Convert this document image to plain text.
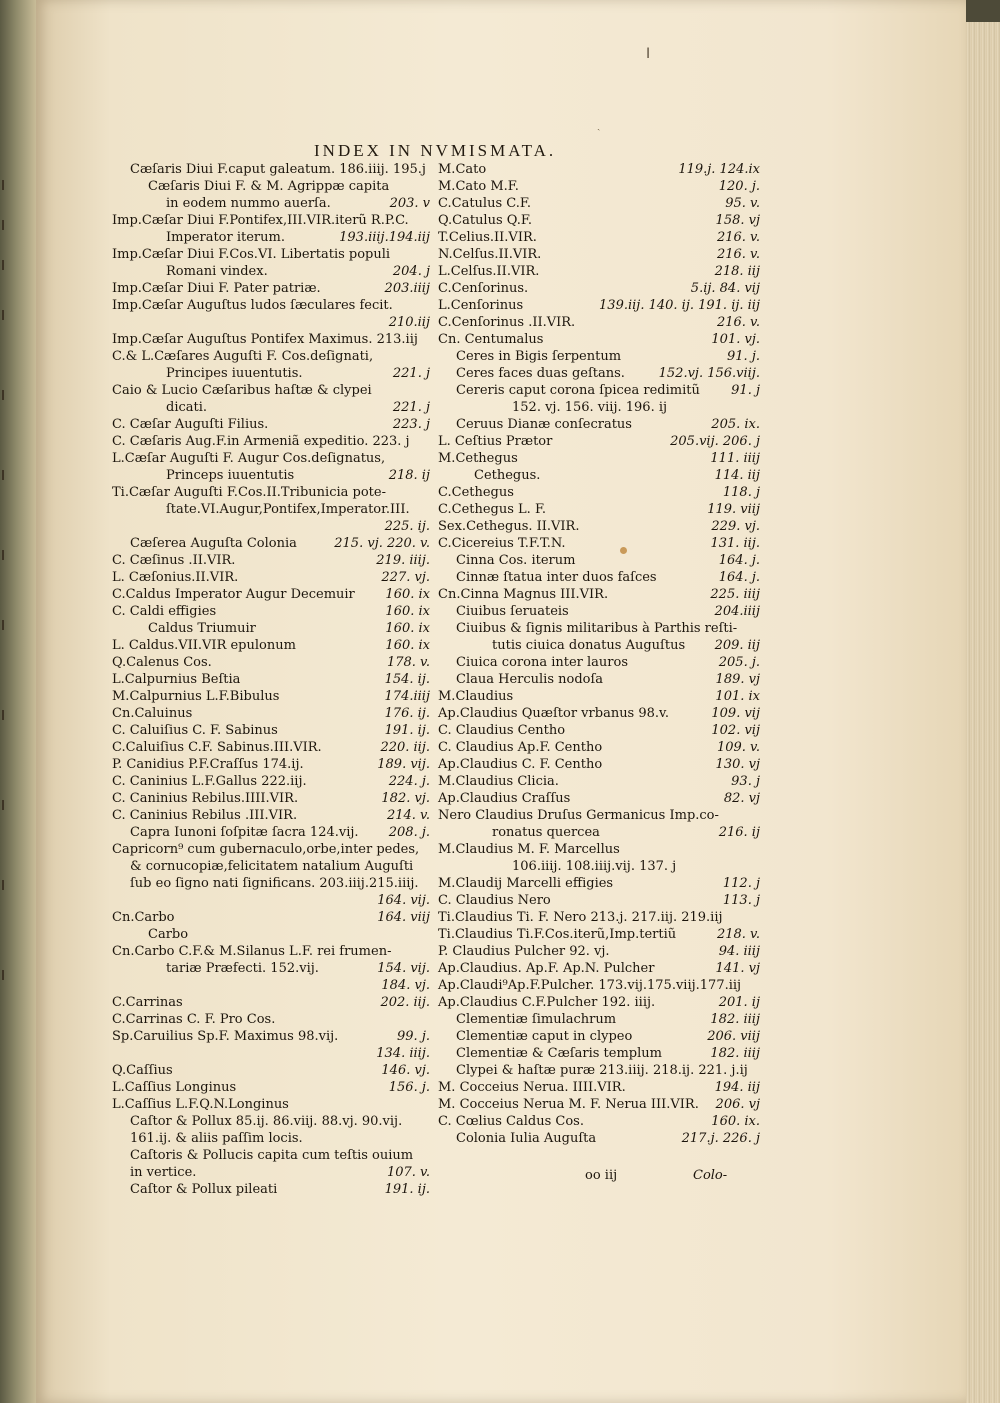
ǀ
ˎ
INDEX IN NVMISMATA.
Cæſaris Diui F.caput galeatum. 186.iiij. 195.j
Cæſaris Diui F. & M. Agrippæ capita
in eodem nummo auerſa.	203. v
Imp.Cæſar Diui F.Pontifex,III.VIR.iterũ R.P.C.
Imperator iterum.	193.iiij.194.iij
Imp.Cæſar Diui F.Cos.VI. Libertatis populi
Romani vindex.	204. j
Imp.Cæſar Diui F. Pater patriæ.	203.iiij
Imp.Cæſar Auguſtus ludos ſæculares fecit.
210.iij
Imp.Cæſar Auguſtus Pontifex Maximus. 213.iij
C.& L.Cæſares Auguſti F. Cos.deſignati,
Principes iuuentutis.	221. j
Caio & Lucio Cæſaribus haſtæ & clypei
dicati.	221. j
C. Cæſar Auguſti Filius.	223. j
C. Cæſaris Aug.F.in Armeniã expeditio. 223. j
L.Cæſar Auguſti F. Augur Cos.deſignatus,
Princeps iuuentutis	218. ij
Ti.Cæſar Auguſti F.Cos.II.Tribunicia pote-
ſtate.VI.Augur,Pontifex,Imperator.III.
225. ij.
Cæſerea Auguſta Colonia	215. vj. 220. v.
C. Cæſinus .II.VIR.	219. iiij.
L. Cæſonius.II.VIR.	227. vj.
C.Caldus Imperator Augur Decemuir 160. ix
C. Caldi effigies	160. ix
Caldus Triumuir	160. ix
L. Caldus.VII.VIR epulonum	160. ix
Q.Calenus Cos.	178. v.
L.Calpurnius Beſtia	154. ij.
M.Calpurnius L.F.Bibulus	174.iiij
Cn.Caluinus	176. ij.
C. Caluiſius C. F. Sabinus	191. ij.
C.Caluiſius C.F. Sabinus.III.VIR.	220. iij.
P. Canidius P.F.Craſſus 174.ij.	189. vij.
C. Caninius L.F.Gallus 222.iij.	224. j.
C. Caninius Rebilus.IIII.VIR.	182. vj.
C. Caninius Rebilus .III.VIR.	214. v.
Capra Iunoni ſoſpitæ ſacra 124.vij. 208. j.
Capricorn⁹ cum gubernaculo,orbe,inter pedes,
& cornucopiæ,felicitatem natalium Auguſti
ſub eo ſigno nati ſignificans. 203.iiij.215.iiij.
164. vij.
Cn.Carbo	164. viij
Carbo
Cn.Carbo C.F.& M.Silanus L.F. rei frumen-
tariæ Præfecti. 152.vij.	154. vij.
184. vj.
C.Carrinas	202. iij.
C.Carrinas C. F. Pro Cos.
Sp.Caruilius Sp.F. Maximus 98.vij.	99. j.
134. iiij.
Q.Caſſius	146. vj.
L.Caſſius Longinus	156. j.
L.Caſſius L.F.Q.N.Longinus
Caſtor & Pollux 85.ij. 86.viij. 88.vj. 90.vij.
161.ij. & aliis paſſim locis.
Caſtoris & Pollucis capita cum teſtis ouium
in vertice.	107. v.
Caſtor & Pollux pileati	191. ij.
M.Cato	119.j. 124.ix
M.Cato M.F.	120. j.
C.Catulus C.F.	95. v.
Q.Catulus Q.F.	158. vj
T.Celius.II.VIR.	216. v.
N.Celſus.II.VIR.	216. v.
L.Celſus.II.VIR.	218. iij
C.Cenſorinus.	5.ij. 84. vij
L.Cenſorinus	139.iij. 140. ij. 191. ij. iij
C.Cenſorinus .II.VIR.	216. v.
Cn. Centumalus	101. vj.
Ceres in Bigis ſerpentum	91. j.
Ceres faces duas geſtans.	152.vj. 156.viij.
Cereris caput corona ſpicea redimitũ 91. j
152. vj. 156. viij. 196. ij
Ceruus Dianæ conſecratus	205. ix.
L. Ceſtius Prætor	205.vij. 206. j
M.Cethegus	111. iiij
Cethegus.	114. iij
C.Cethegus	118. j
C.Cethegus L. F.	119. viij
Sex.Cethegus. II.VIR.	229. vj.
C.Cicereius T.F.T.N.	131. iij.
Cinna Cos. iterum	164. j.
Cinnæ ſtatua inter duos faſces	164. j.
Cn.Cinna Magnus III.VIR.	225. iiij
Ciuibus ſeruateis	204.iiij
Ciuibus & ſignis militaribus à Parthis reſti-
tutis ciuica donatus Auguſtus 209. iij
Ciuica corona inter lauros	205. j.
Claua Herculis nodoſa	189. vj
M.Claudius	101. ix
Ap.Claudius Quæſtor vrbanus 98.v.	109. vij
C. Claudius Centho	102. vij
C. Claudius Ap.F. Centho	109. v.
Ap.Claudius C. F. Centho	130. vj
M.Claudius Clicia.	93. j
Ap.Claudius Craſſus	82. vj
Nero Claudius Druſus Germanicus Imp.co-
ronatus quercea	216. ij
M.Claudius M. F. Marcellus
106.iiij. 108.iiij.vij. 137. j
M.Claudij Marcelli effigies	112. j
C. Claudius Nero	113. j
Ti.Claudius Ti. F. Nero 213.j. 217.iij. 219.iij
Ti.Claudius Ti.F.Cos.iterũ,Imp.tertiũ	218. v.
P. Claudius Pulcher 92. vj.	94. iiij
Ap.Claudius. Ap.F. Ap.N. Pulcher	141. vj
Ap.Claudi⁹Ap.F.Pulcher. 173.vij.175.viij.177.iij
Ap.Claudius C.F.Pulcher 192. iiij.	201. ij
Clementiæ ſimulachrum	182. iiij
Clementiæ caput in clypeo	206. viij
Clementiæ & Cæſaris templum	182. iiij
Clypei & haſtæ puræ 213.iiij. 218.ij. 221. j.ij
M. Cocceius Nerua. IIII.VIR.	194. iij
M. Cocceius Nerua M. F. Nerua III.VIR. 206. vj
C. Cœlius Caldus Cos.	160. ix.
Colonia Iulia Auguſta	217.j. 226. j
oo iij	Colo-
